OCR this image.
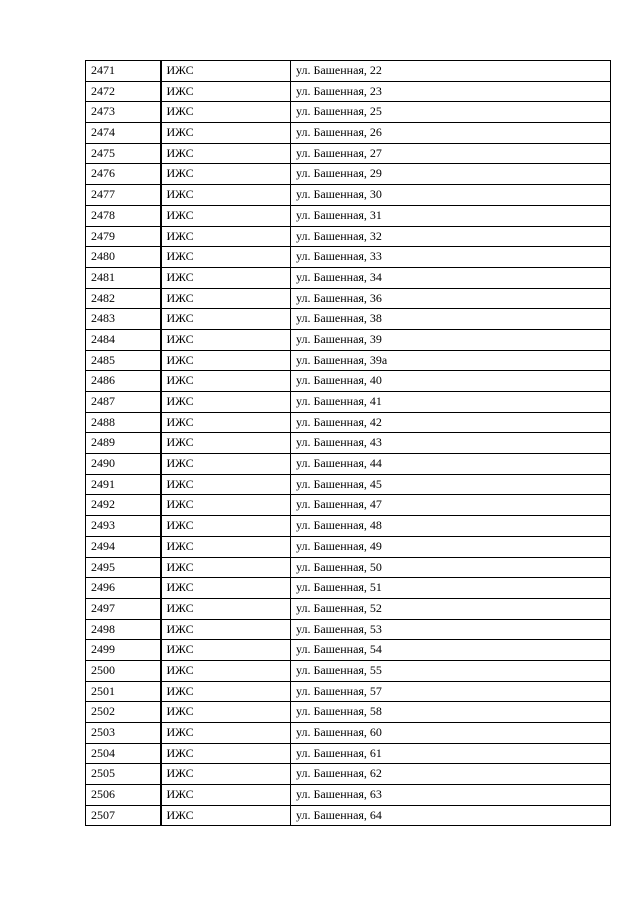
2471	ИЖС	ул. Башенная, 22
2472	ИЖС	ул. Башенная, 23
2473	ИЖС	ул. Башенная, 25
2474	ИЖС	ул. Башенная, 26
2475	ИЖС	ул. Башенная, 27
2476	ИЖС	ул. Башенная, 29
2477	ИЖС	ул. Башенная, 30
2478	ИЖС	ул. Башенная, 31
2479	ИЖС	ул. Башенная, 32
2480	ИЖС	ул. Башенная, 33
2481	ИЖС	ул. Башенная, 34
2482	ИЖС	ул. Башенная, 36
2483	ИЖС	ул. Башенная, 38
2484	ИЖС	ул. Башенная, 39
2485	ИЖС	ул. Башенная, 39а
2486	ИЖС	ул. Башенная, 40
2487	ИЖС	ул. Башенная, 41
2488	ИЖС	ул. Башенная, 42
2489	ИЖС	ул. Башенная, 43
2490	ИЖС	ул. Башенная, 44
2491	ИЖС	ул. Башенная, 45
2492	ИЖС	ул. Башенная, 47
2493	ИЖС	ул. Башенная, 48
2494	ИЖС	ул. Башенная, 49
2495	ИЖС	ул. Башенная, 50
2496	ИЖС	ул. Башенная, 51
2497	ИЖС	ул. Башенная, 52
2498	ИЖС	ул. Башенная, 53
2499	ИЖС	ул. Башенная, 54
2500	ИЖС	ул. Башенная, 55
2501	ИЖС	ул. Башенная, 57
2502	ИЖС	ул. Башенная, 58
2503	ИЖС	ул. Башенная, 60
2504	ИЖС	ул. Башенная, 61
2505	ИЖС	ул. Башенная, 62
2506	ИЖС	ул. Башенная, 63
2507	ИЖС	ул. Башенная, 64
